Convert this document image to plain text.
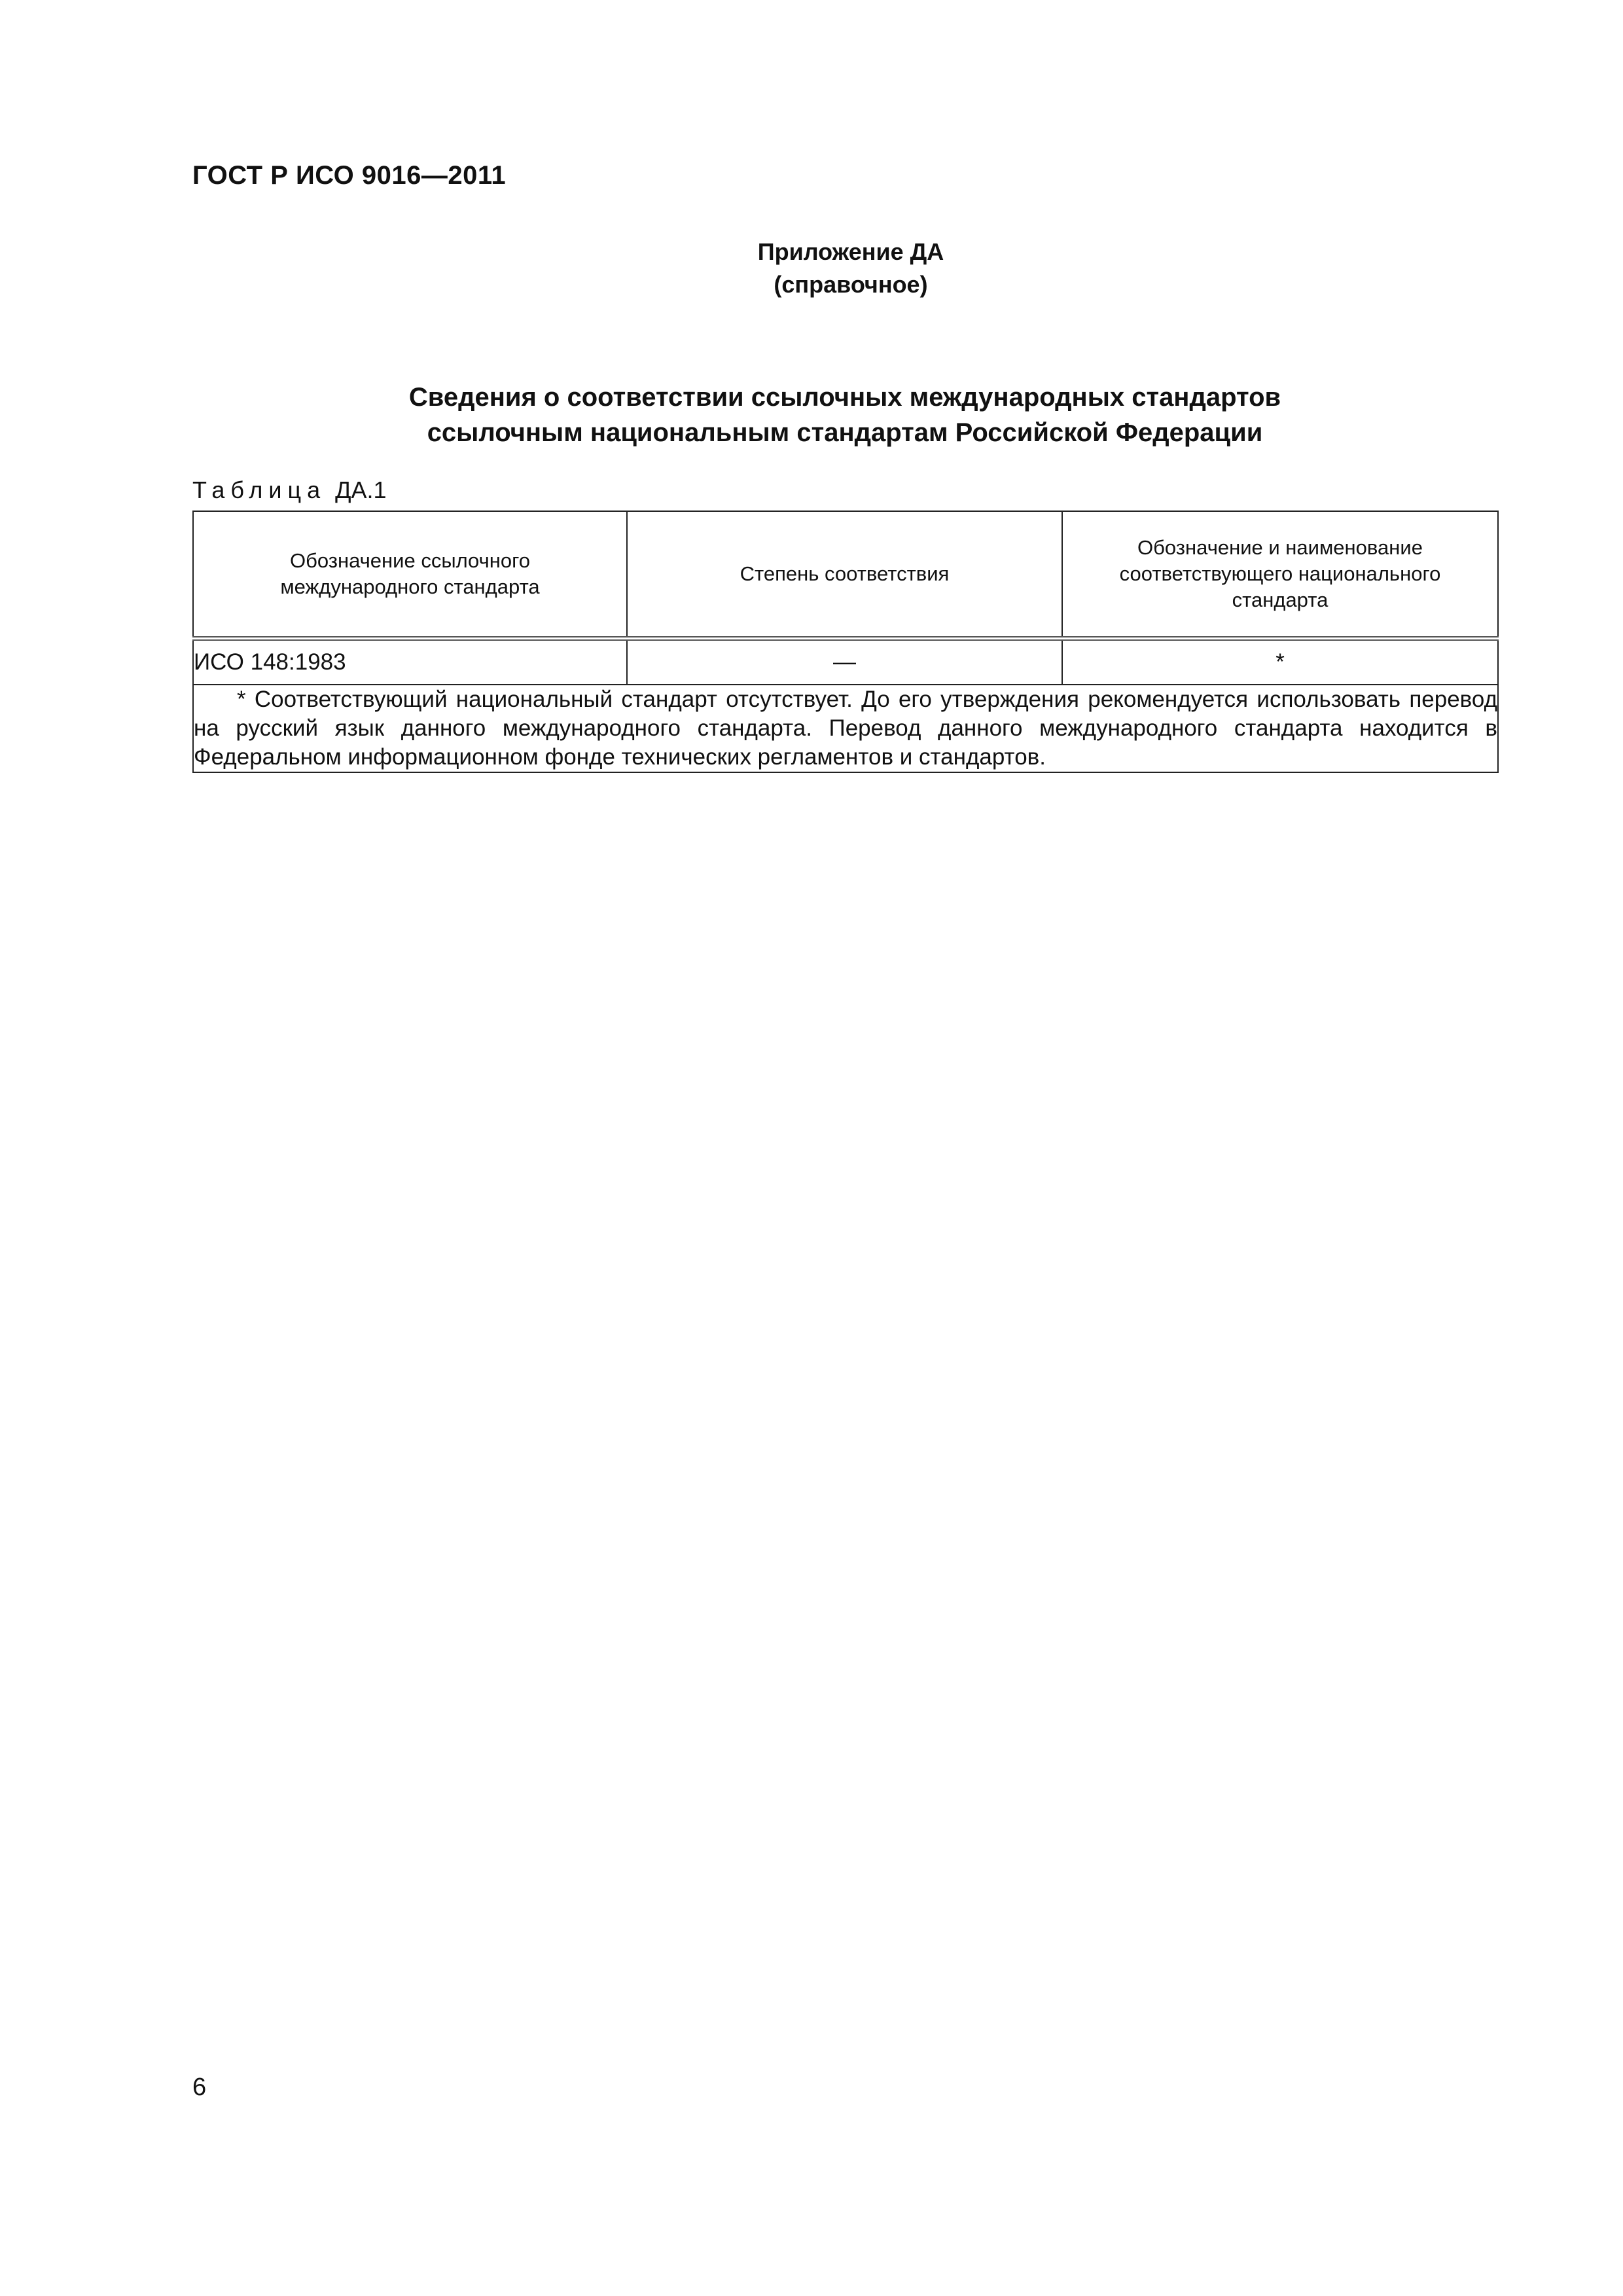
ГОСТ Р ИСО 9016—2011
Приложение ДА
(справочное)
Сведения о соответствии ссылочных международных стандартов
ссылочным национальным стандартам Российской Федерации
Таблица ДА.1
Обозначение ссылочного международного стандарта	Степень соответствия	Обозначение и наименование соответствующего национального стандарта
ИСО 148:1983	—	*
* Соответствующий национальный стандарт отсутствует. До его утверждения рекомендуется использовать перевод на русский язык данного международного стандарта. Перевод данного международного стандарта находится в Федеральном информационном фонде технических регламентов и стандартов.		
6
